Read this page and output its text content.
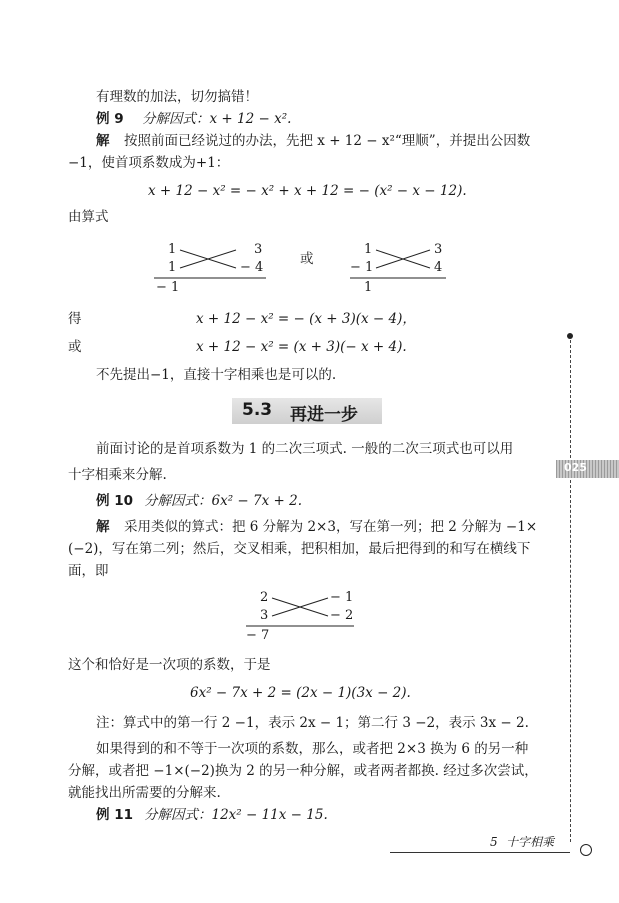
有理数的加法，切勿搞错！
例 9 分解因式：x + 12 − x².
解 按照前面已经说过的办法，先把 x + 12 − x²“理顺”，并提出公因数
−1，使首项系数成为+1：
x + 12 − x² = − x² + x + 12 = − (x² − x − 12).
由算式
1	3
1	− 4
− 1
或
1	3
− 1	4
1
得	x + 12 − x² = − (x + 3)(x − 4)，
或	x + 12 − x² = (x + 3)(− x + 4).
不先提出−1，直接十字相乘也是可以的.
5.3 再进一步
前面讨论的是首项系数为 1 的二次三项式. 一般的二次三项式也可以用
十字相乘来分解.
例 10 分解因式：6x² − 7x + 2.
解 采用类似的算式：把 6 分解为 2×3，写在第一列；把 2 分解为 −1×
(−2)，写在第二列；然后，交叉相乘，把积相加，最后把得到的和写在横线下
面，即
2	− 1
3	− 2
− 7
这个和恰好是一次项的系数，于是
6x² − 7x + 2 = (2x − 1)(3x − 2).
注：算式中的第一行 2 −1，表示 2x − 1；第二行 3 −2，表示 3x − 2.
如果得到的和不等于一次项的系数，那么，或者把 2×3 换为 6 的另一种
分解，或者把 −1×(−2)换为 2 的另一种分解，或者两者都换. 经过多次尝试，
就能找出所需要的分解来.
例 11 分解因式：12x² − 11x − 15.
025
5 十字相乘
